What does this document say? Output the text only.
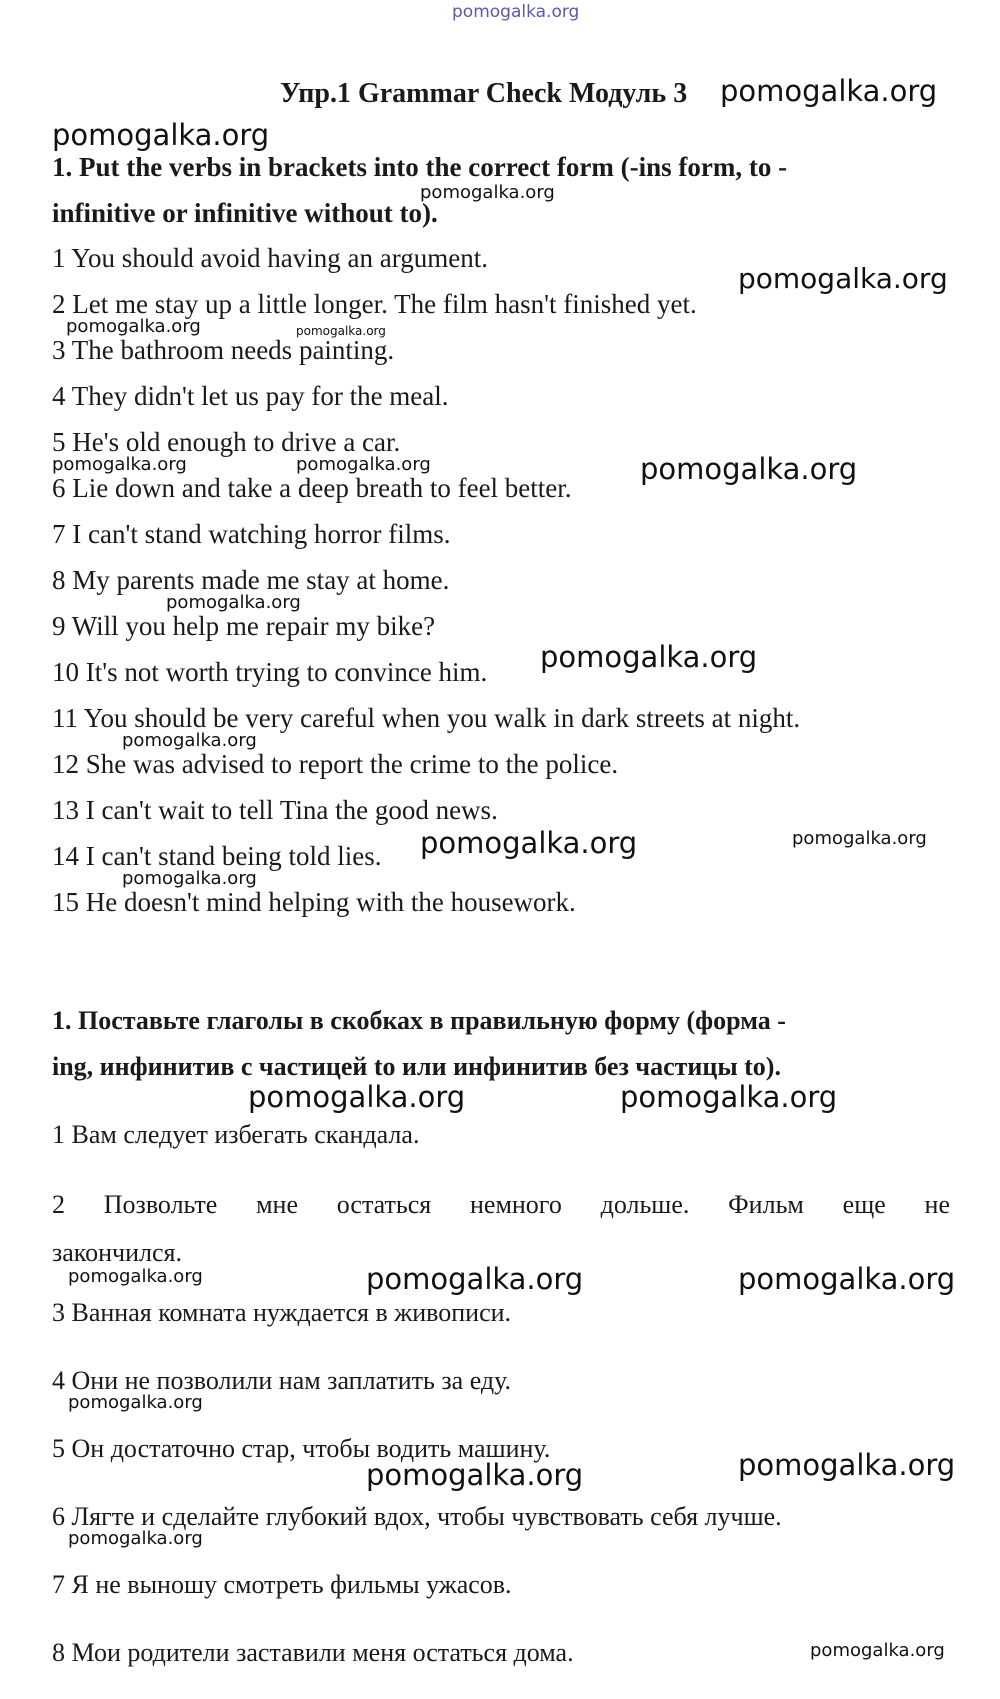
pomogalka.org
Упр.1 Grammar Check Модуль 3 pomogalka.org
pomogalka.org
1. Put the verbs in brackets into the correct form (-ins form, to -
pomogalka.org
infinitive or infinitive without to).
1 You should avoid having an argument.
pomogalka.org
2 Let me stay up a little longer. The film hasn't finished yet.
pomogalka.org	pomogalka.org
3 The bathroom needs painting.
4 They didn't let us pay for the meal.
5 He's old enough to drive a car.
pomogalka.org	pomogalka.org	pomogalka.org
6 Lie down and take a deep breath to feel better.
7 I can't stand watching horror films.
8 My parents made me stay at home.
pomogalka.org
9 Will you help me repair my bike?
pomogalka.org
10 It's not worth trying to convince him.
11 You should be very careful when you walk in dark streets at night.
pomogalka.org
12 She was advised to report the crime to the police.
13 I can't wait to tell Tina the good news.
pomogalka.org	pomogalka.org
14 I can't stand being told lies.
pomogalka.org
15 He doesn't mind helping with the housework.
1. Поставьте глаголы в скобках в правильную форму (форма -
ing, инфинитив с частицей to или инфинитив без частицы to).
pomogalka.org	pomogalka.org
1 Вам следует избегать скандала.
2 Позвольте мне остаться немного дольше. Фильм еще не
закончился.
pomogalka.org	pomogalka.org	pomogalka.org
3 Ванная комната нуждается в живописи.
4 Они не позволили нам заплатить за еду.
pomogalka.org
5 Он достаточно стар, чтобы водить машину.
pomogalka.org	pomogalka.org
6 Лягте и сделайте глубокий вдох, чтобы чувствовать себя лучше.
pomogalka.org
7 Я не выношу смотреть фильмы ужасов.
8 Мои родители заставили меня остаться дома.	pomogalka.org
